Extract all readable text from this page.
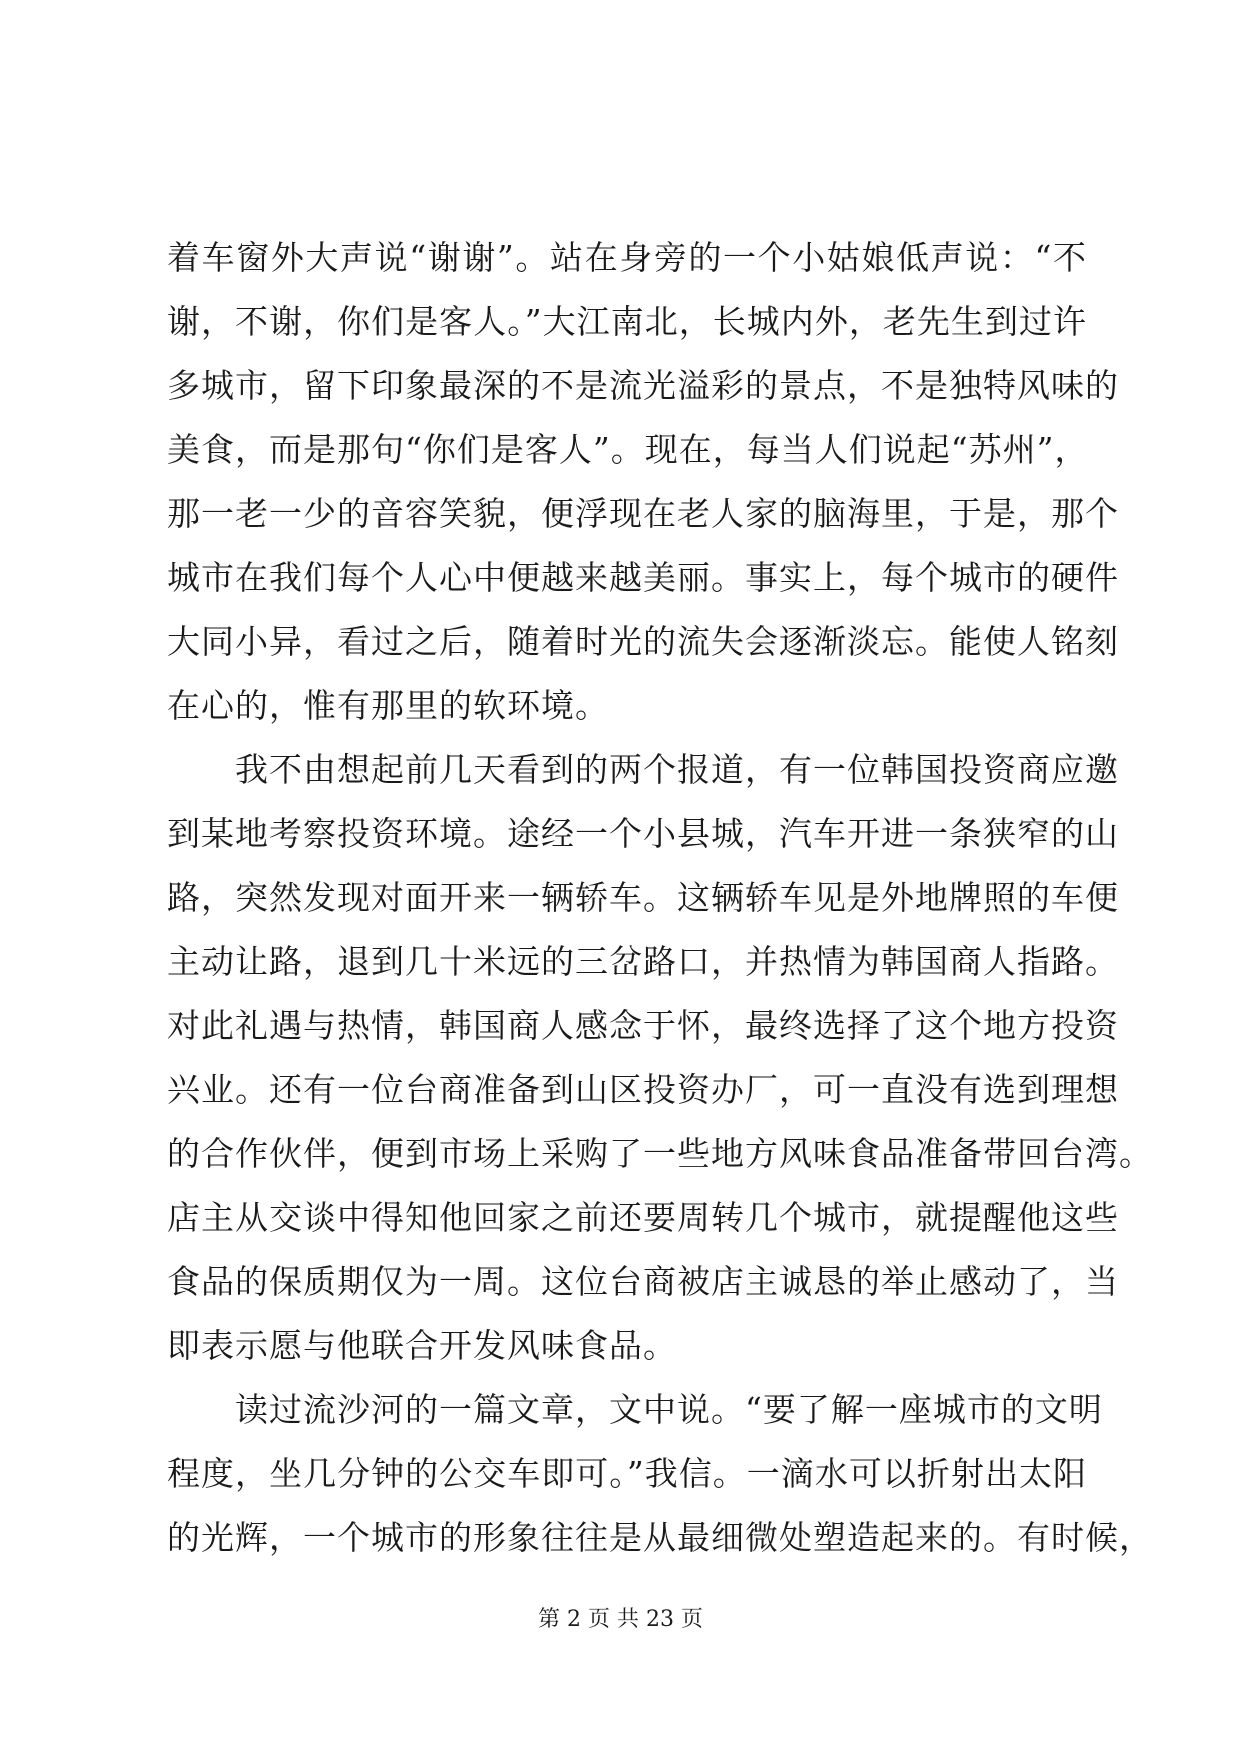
着车窗外大声说“谢谢”。站在身旁的一个小姑娘低声说：“不
谢，不谢，你们是客人。”大江南北，长城内外，老先生到过许
多城市，留下印象最深的不是流光溢彩的景点，不是独特风味的
美食，而是那句“你们是客人”。现在，每当人们说起“苏州”，
那一老一少的音容笑貌，便浮现在老人家的脑海里，于是，那个
城市在我们每个人心中便越来越美丽。事实上，每个城市的硬件
大同小异，看过之后，随着时光的流失会逐渐淡忘。能使人铭刻
在心的，惟有那里的软环境。
我不由想起前几天看到的两个报道，有一位韩国投资商应邀
到某地考察投资环境。途经一个小县城，汽车开进一条狭窄的山
路，突然发现对面开来一辆轿车。这辆轿车见是外地牌照的车便
主动让路，退到几十米远的三岔路口，并热情为韩国商人指路。
对此礼遇与热情，韩国商人感念于怀，最终选择了这个地方投资
兴业。还有一位台商准备到山区投资办厂，可一直没有选到理想
的合作伙伴，便到市场上采购了一些地方风味食品准备带回台湾。
店主从交谈中得知他回家之前还要周转几个城市，就提醒他这些
食品的保质期仅为一周。这位台商被店主诚恳的举止感动了，当
即表示愿与他联合开发风味食品。
读过流沙河的一篇文章，文中说。“要了解一座城市的文明
程度，坐几分钟的公交车即可。”我信。一滴水可以折射出太阳
的光辉，一个城市的形象往往是从最细微处塑造起来的。有时候，
第 2 页 共 23 页
